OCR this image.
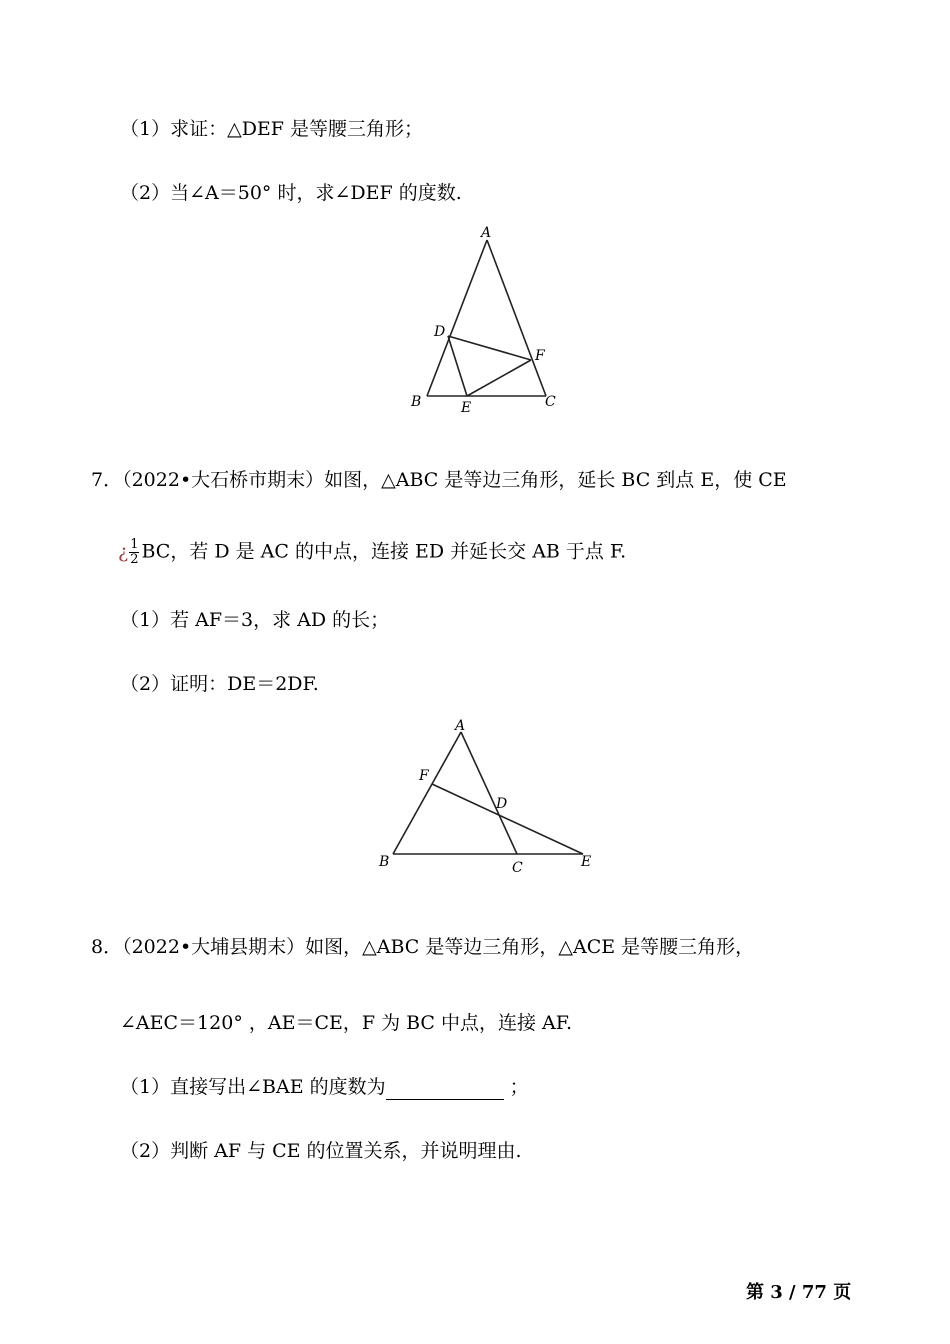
（1）求证：△DEF 是等腰三角形；
（2）当∠A＝50° 时，求∠DEF 的度数.
A
B	C
D
E
F
7．（2022•大石桥市期末）如图，△ABC 是等边三角形，延长 BC 到点 E，使 CE
¿ $\frac{1}{2}$ BC，若 D 是 AC 的中点，连接 ED 并延长交 AB 于点 F.
（1）若 AF＝3，求 AD 的长；
（2）证明：DE＝2DF.
A
B	C
D
E
F
8．（2022•大埔县期末）如图，△ABC 是等边三角形，△ACE 是等腰三角形，
∠AEC＝120° ，AE＝CE，F 为 BC 中点，连接 AF.
（1）直接写出∠BAE 的度数为	；
（2）判断 AF 与 CE 的位置关系，并说明理由.
第 3 / 77 页
